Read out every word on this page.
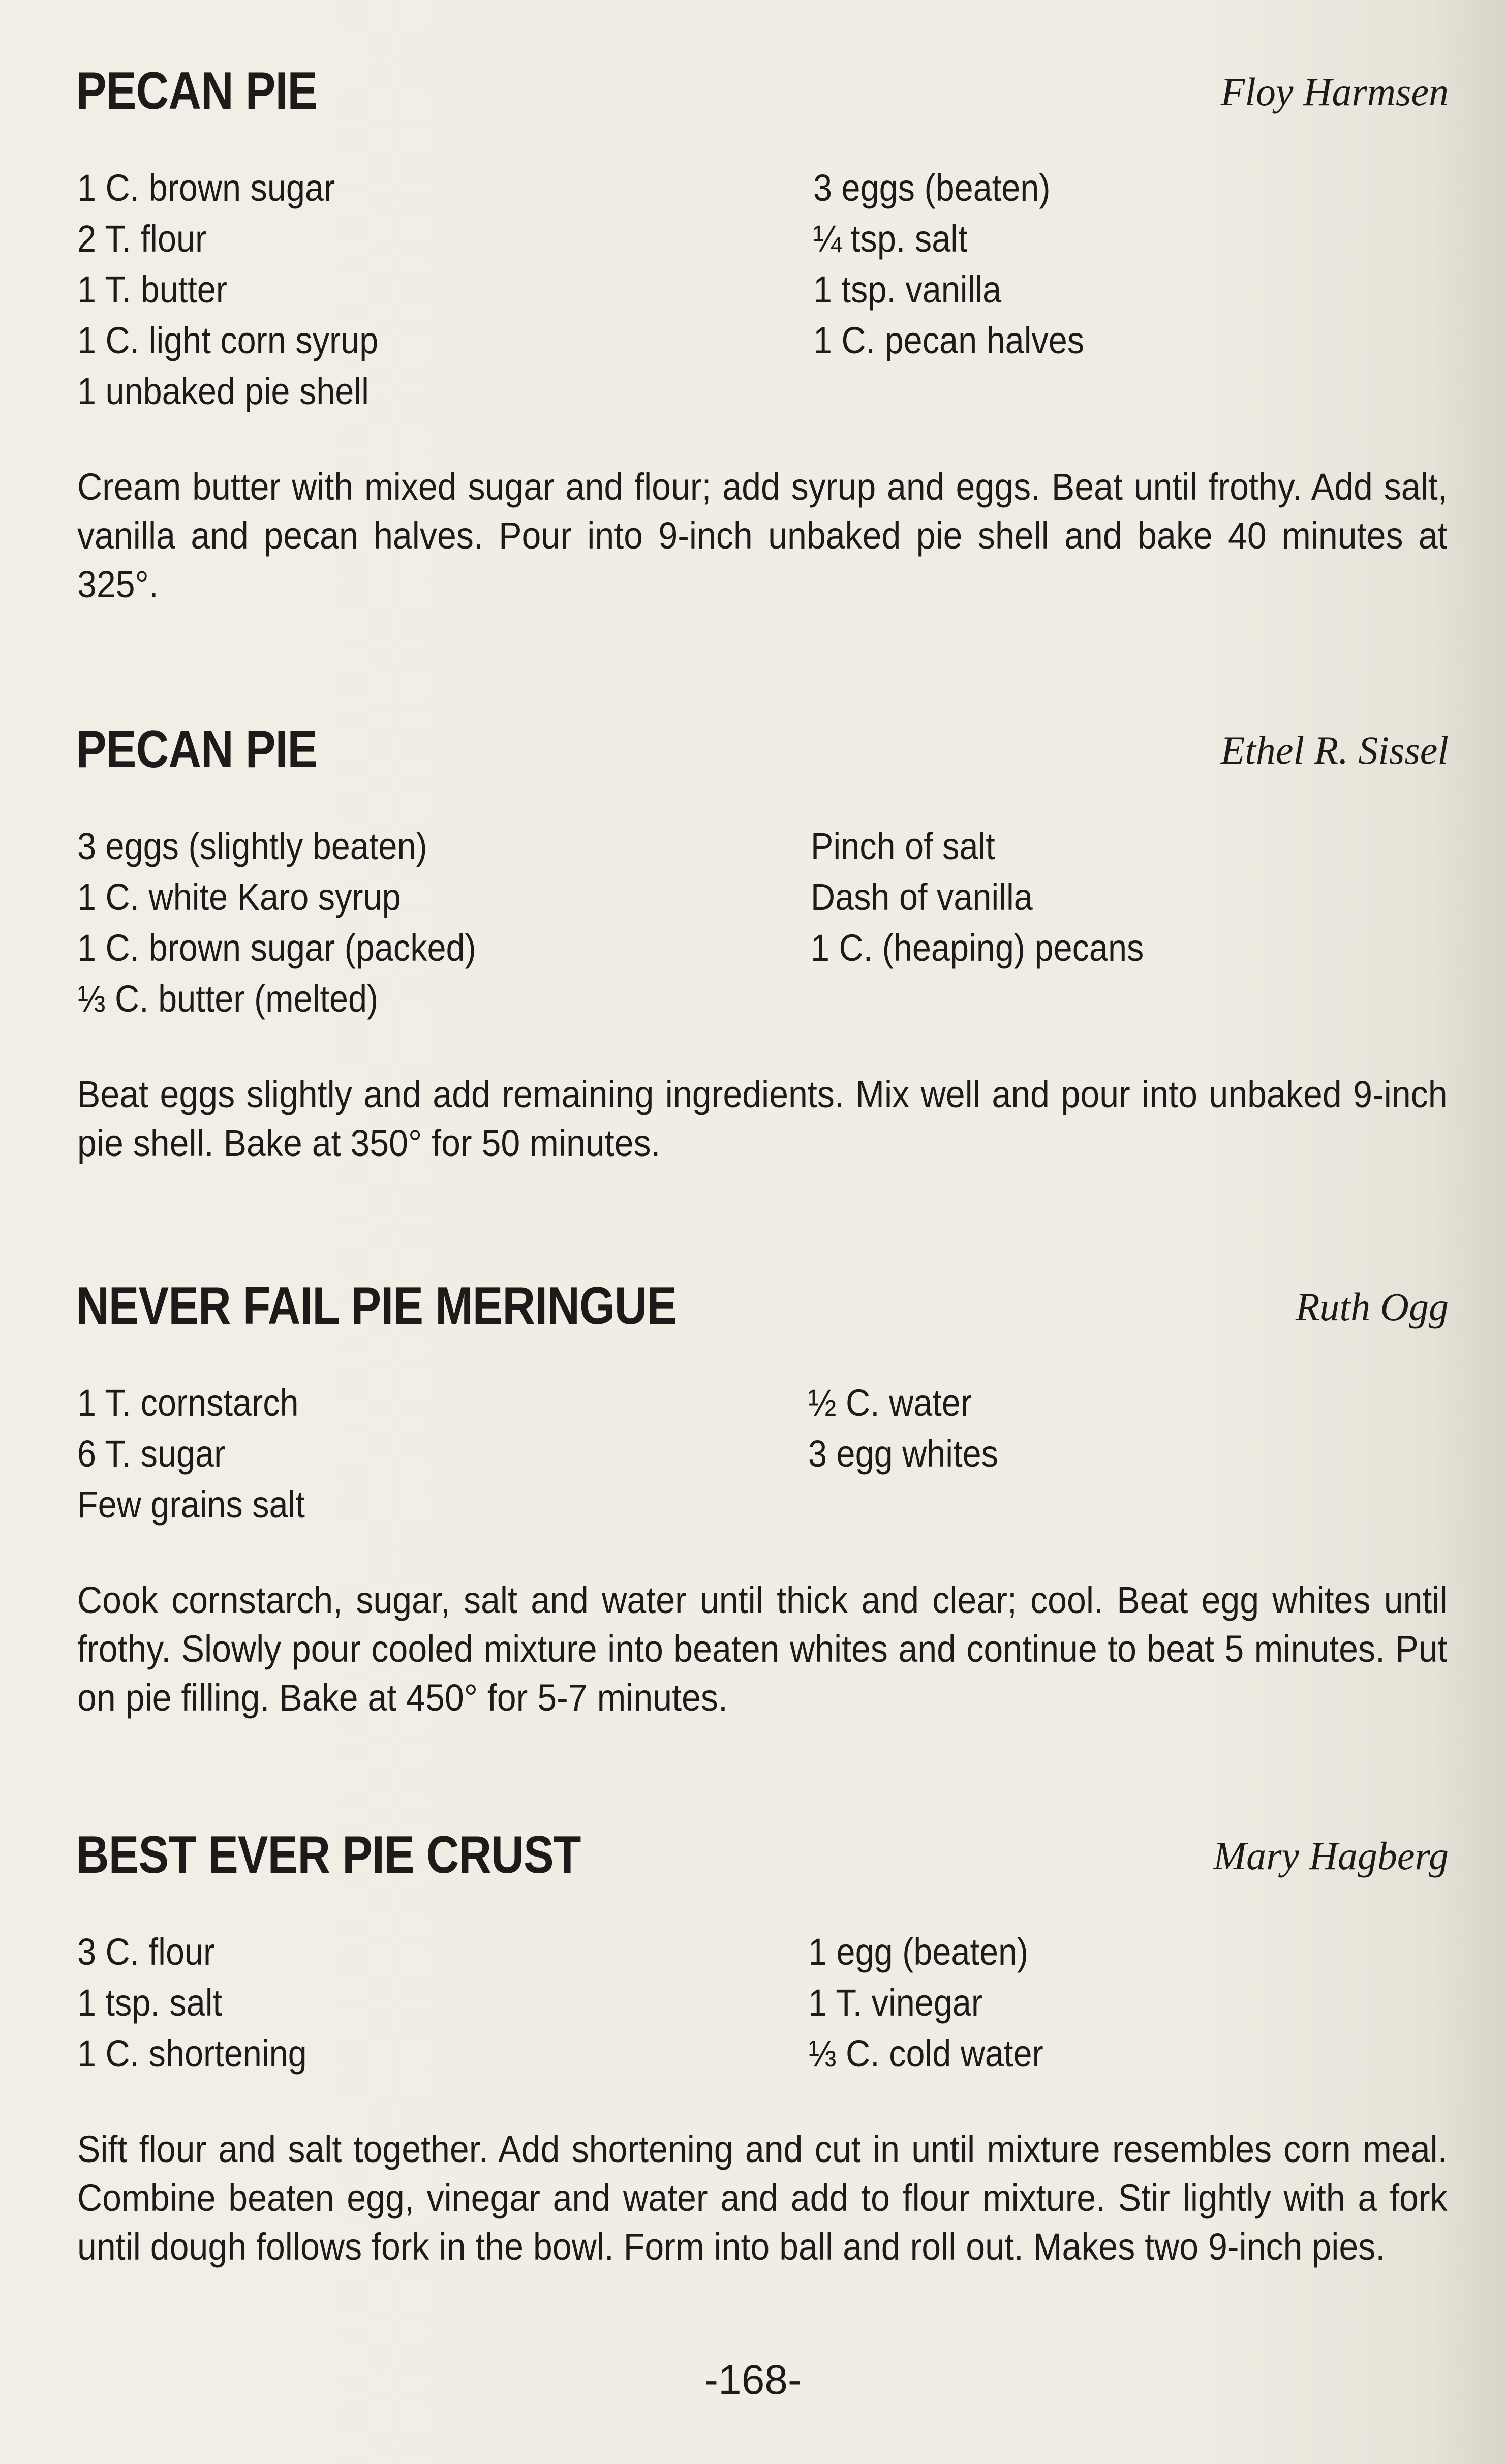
PECAN PIE	Floy Harmsen
1 C. brown sugar
2 T. flour
1 T. butter
1 C. light corn syrup
1 unbaked pie shell
3 eggs (beaten)
¼ tsp. salt
1 tsp. vanilla
1 C. pecan halves

Cream butter with mixed sugar and flour; add syrup and eggs. Beat until frothy. Add salt, vanilla and pecan halves. Pour into 9-inch unbaked pie shell and bake 40 minutes at 325°.

PECAN PIE	Ethel R. Sissel
3 eggs (slightly beaten)
1 C. white Karo syrup
1 C. brown sugar (packed)
⅓ C. butter (melted)
Pinch of salt
Dash of vanilla
1 C. (heaping) pecans

Beat eggs slightly and add remaining ingredients. Mix well and pour into unbaked 9-inch pie shell. Bake at 350° for 50 minutes.

NEVER FAIL PIE MERINGUE	Ruth Ogg
1 T. cornstarch
6 T. sugar
Few grains salt
½ C. water
3 egg whites

Cook cornstarch, sugar, salt and water until thick and clear; cool. Beat egg whites until frothy. Slowly pour cooled mixture into beaten whites and continue to beat 5 minutes. Put on pie filling. Bake at 450° for 5-7 minutes.

BEST EVER PIE CRUST	Mary Hagberg
3 C. flour
1 tsp. salt
1 C. shortening
1 egg (beaten)
1 T. vinegar
⅓ C. cold water

Sift flour and salt together. Add shortening and cut in until mixture resembles corn meal. Combine beaten egg, vinegar and water and add to flour mixture. Stir lightly with a fork until dough follows fork in the bowl. Form into ball and roll out. Makes two 9-inch pies.

-168-
